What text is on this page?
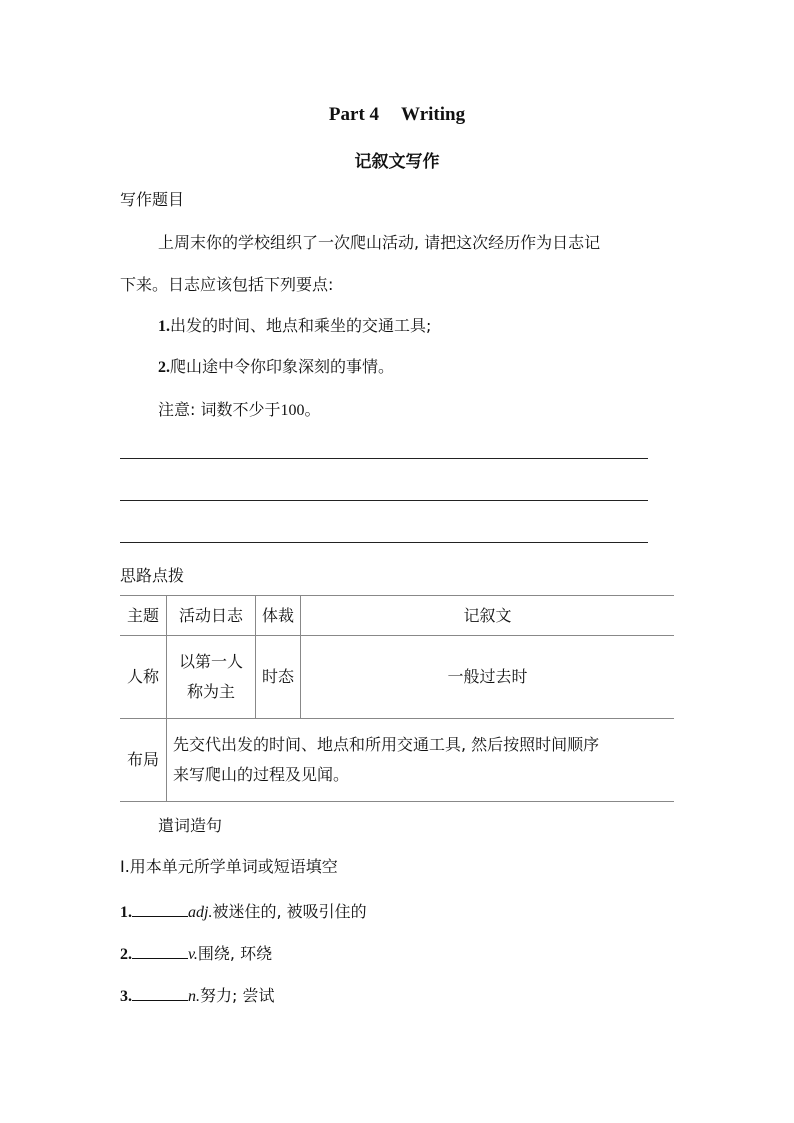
Part 4 Writing
记叙文写作
写作题目
上周末你的学校组织了一次爬山活动, 请把这次经历作为日志记
下来。日志应该包括下列要点:
1.出发的时间、地点和乘坐的交通工具;
2.爬山途中令你印象深刻的事情。
注意: 词数不少于100。
思路点拨
主题	活动日志	体裁	记叙文
人称	以第一人
称为主	时态	一般过去时
布局	先交代出发的时间、地点和所用交通工具, 然后按照时间顺序
来写爬山的过程及见闻。		
遣词造句
Ⅰ.用本单元所学单词或短语填空
1.	adj.被迷住的, 被吸引住的
2.	v.围绕, 环绕
3.	n.努力; 尝试
